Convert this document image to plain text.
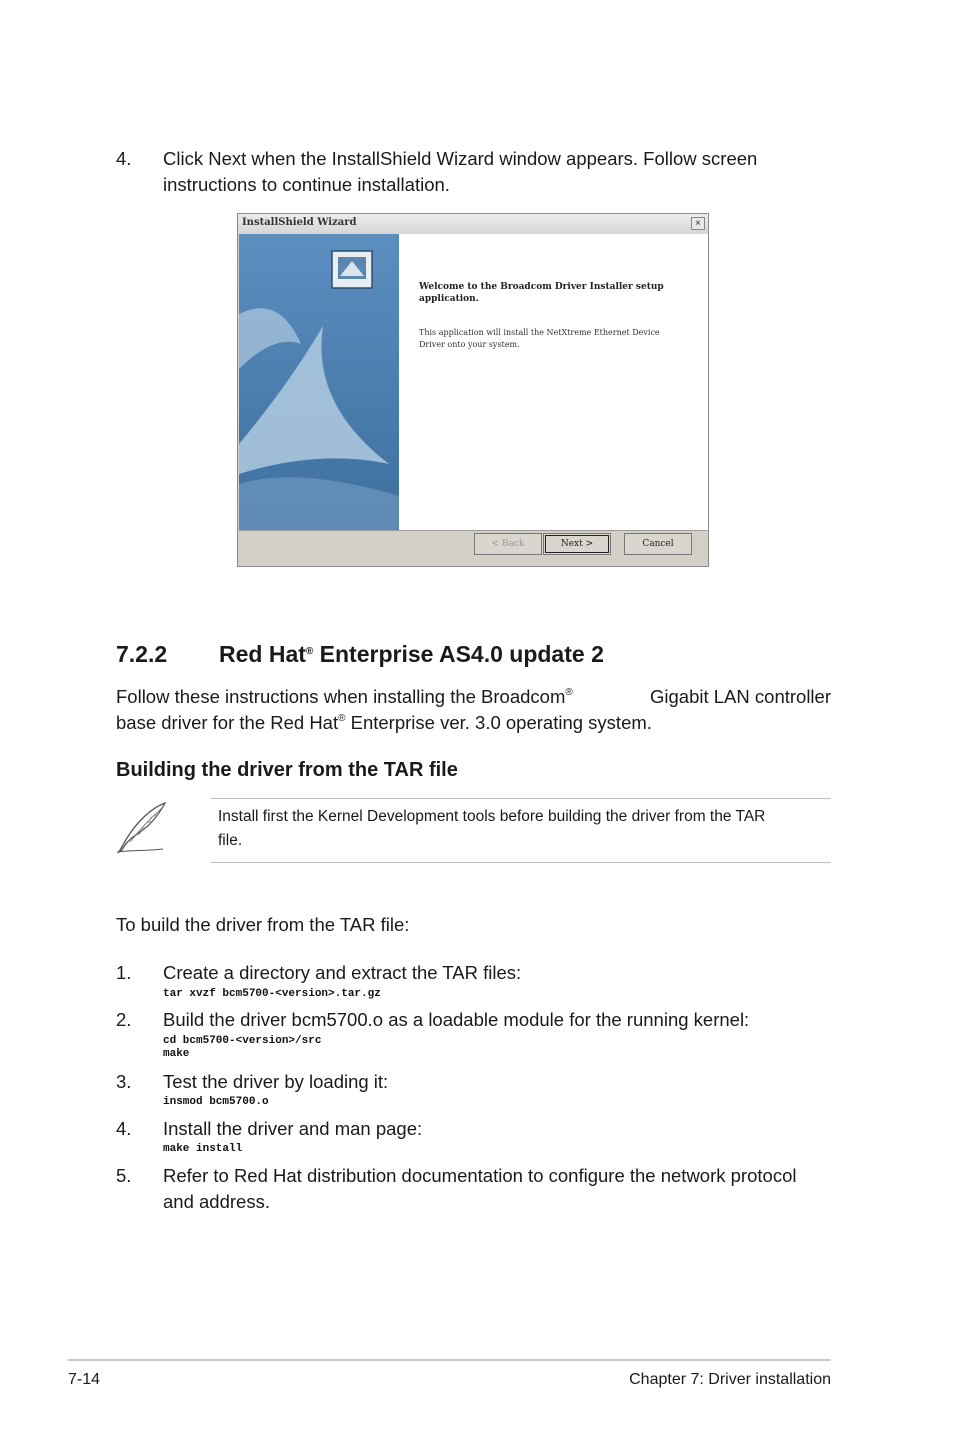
4. Click Next when the InstallShield Wizard window appears. Follow screen
instructions to continue installation.
InstallShield Wizard	×
Welcome to the Broadcom Driver Installer setup
application.
This application will install the NetXtreme Ethernet Device
Driver onto your system.
< Back	Next >	Cancel
7.2.2 Red Hat® Enterprise AS4.0 update 2
Follow these instructions when installing the Broadcom®	Gigabit LAN controller
base driver for the Red Hat® Enterprise ver. 3.0 operating system.
Building the driver from the TAR file
Install first the Kernel Development tools before building the driver from the TAR
file.
To build the driver from the TAR file:
1. Create a directory and extract the TAR files:
tar xvzf bcm5700-<version>.tar.gz
2. Build the driver bcm5700.o as a loadable module for the running kernel:
cd bcm5700-<version>/src
make
3. Test the driver by loading it:
insmod bcm5700.o
4. Install the driver and man page:
make install
5. Refer to Red Hat distribution documentation to configure the network protocol
and address.
7-14	Chapter 7: Driver installation
